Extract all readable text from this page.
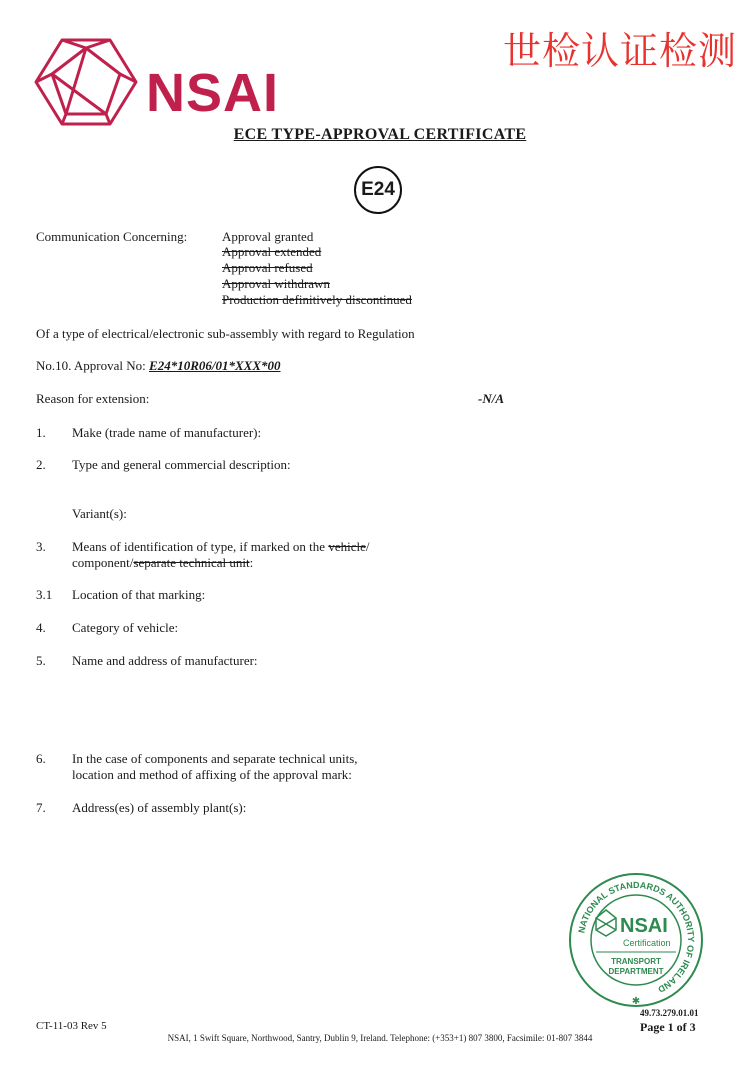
世检认证检测
NSAI
ECE TYPE-APPROVAL CERTIFICATE
E24
Communication Concerning:	Approval granted
Approval extended
Approval refused
Approval withdrawn
Production definitively discontinued
Of a type of electrical/electronic sub-assembly with regard to Regulation
No.10. Approval No: E24*10R06/01*XXX*00
Reason for extension:	-N/A
1. Make (trade name of manufacturer):
2. Type and general commercial description:
Variant(s):
3. Means of identification of type, if marked on the vehicle/
component/separate technical unit:
3.1 Location of that marking:
4. Category of vehicle:
5. Name and address of manufacturer:
6. In the case of components and separate technical units,
location and method of affixing of the approval mark:
7. Address(es) of assembly plant(s):
NATIONAL STANDARDS AUTHORITY OF IRELAND
NSAI
Certification
TRANSPORT
DEPARTMENT
✱
49.73.279.01.01
CT-11-03 Rev 5	Page 1 of 3
NSAI, 1 Swift Square, Northwood, Santry, Dublin 9, Ireland. Telephone: (+353+1) 807 3800, Facsimile: 01-807 3844
